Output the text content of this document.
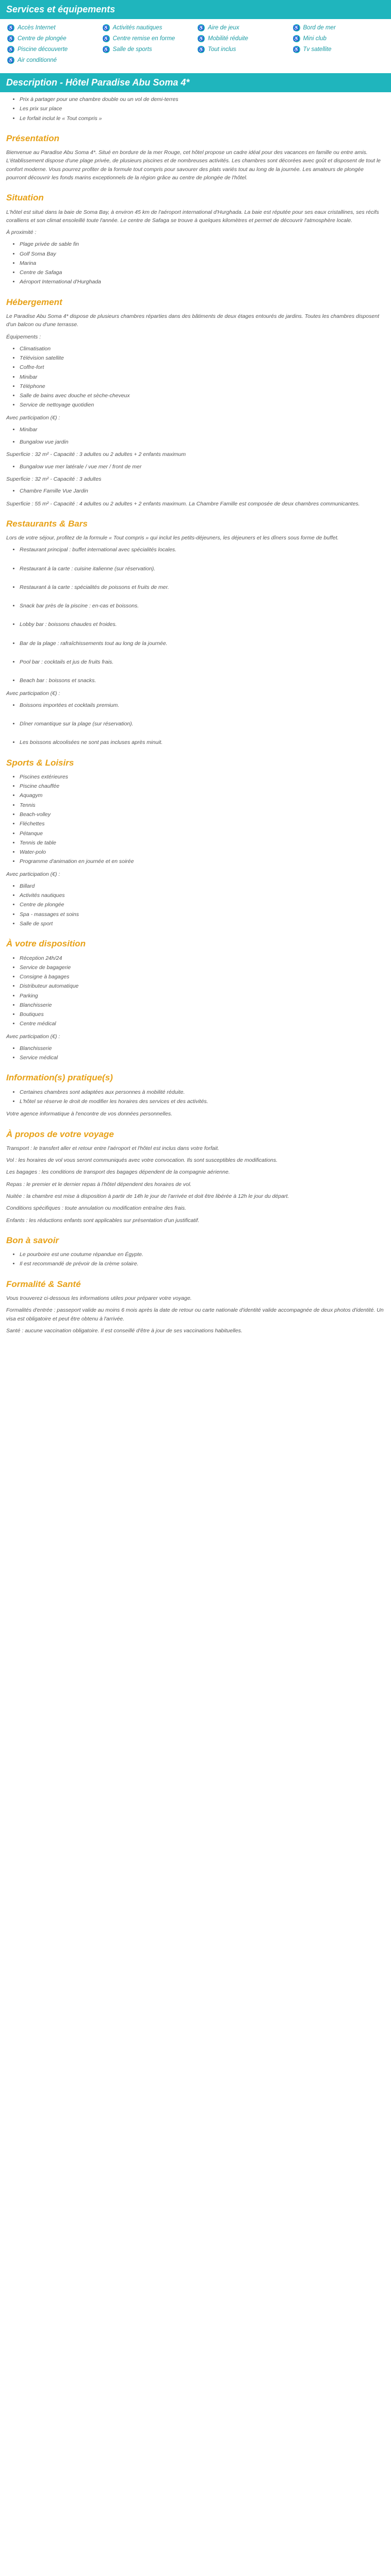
Services et équipements
♿ Accès Internet	♿ Activités nautiques	♿ Aire de jeux	♿ Bord de mer
♿ Centre de plongée	♿ Centre remise en forme	♿ Mobilité réduite	♿ Mini club
♿ Piscine découverte	♿ Salle de sports	♿ Tout inclus	♿ Tv satellite
♿ Air conditionné
Description - Hôtel Paradise Abu Soma 4*
• Prix à partager pour une chambre double ou un vol de demi-terres
• Les prix sur place
• Le forfait inclut le « Tout compris »
Présentation

Bienvenue au Paradise Abu Soma 4*. Situé en bordure de la mer Rouge, cet hôtel propose un cadre idéal pour des vacances en famille ou entre amis. L'établissement dispose d'une plage privée, de plusieurs piscines et de nombreuses activités. Les chambres sont décorées avec goût et disposent de tout le confort moderne. Vous pourrez profiter de la formule tout compris pour savourer des plats variés tout au long de la journée. Les amateurs de plongée pourront découvrir les fonds marins exceptionnels de la région grâce au centre de plongée de l'hôtel.

Situation

L'hôtel est situé dans la baie de Soma Bay, à environ 45 km de l'aéroport international d'Hurghada. La baie est réputée pour ses eaux cristallines, ses récifs coralliens et son climat ensoleillé toute l'année. Le centre de Safaga se trouve à quelques kilomètres et permet de découvrir l'atmosphère locale.

À proximité :

• Plage privée de sable fin
• Golf Soma Bay
• Marina
• Centre de Safaga
• Aéroport International d'Hurghada
Hébergement

Le Paradise Abu Soma 4* dispose de plusieurs chambres réparties dans des bâtiments de deux étages entourés de jardins. Toutes les chambres disposent d'un balcon ou d'une terrasse.

Équipements :

• Climatisation
• Télévision satellite
• Coffre-fort
• Minibar
• Téléphone
• Salle de bains avec douche et sèche-cheveux
• Service de nettoyage quotidien

Avec participation (€) :

• Minibar
• Bungalow vue jardin

Superficie : 32 m² - Capacité : 3 adultes ou 2 adultes + 2 enfants maximum

• Bungalow vue mer latérale / vue mer / front de mer

Superficie : 32 m² - Capacité : 3 adultes

• Chambre Famille Vue Jardin

Superficie : 55 m² - Capacité : 4 adultes ou 2 adultes + 2 enfants maximum. La Chambre Famille est composée de deux chambres communicantes.

Restaurants & Bars

Lors de votre séjour, profitez de la formule « Tout compris » qui inclut les petits-déjeuners, les déjeuners et les dîners sous forme de buffet.

• Restaurant principal : buffet international avec spécialités locales.
• Restaurant à la carte : cuisine italienne (sur réservation).
• Restaurant à la carte : spécialités de poissons et fruits de mer.
• Snack bar près de la piscine : en-cas et boissons.
• Lobby bar : boissons chaudes et froides.
• Bar de la plage : rafraîchissements tout au long de la journée.
• Pool bar : cocktails et jus de fruits frais.
• Beach bar : boissons et snacks.

Avec participation (€) :

• Boissons importées et cocktails premium.
• Dîner romantique sur la plage (sur réservation).
• Les boissons alcoolisées ne sont pas incluses après minuit.
Sports & Loisirs
• Piscines extérieures
• Piscine chauffée
• Aquagym
• Tennis
• Beach-volley
• Fléchettes
• Pétanque
• Tennis de table
• Water-polo
• Programme d'animation en journée et en soirée

Avec participation (€) :

• Billard
• Activités nautiques
• Centre de plongée
• Spa - massages et soins
• Salle de sport
À votre disposition
• Réception 24h/24
• Service de bagagerie
• Consigne à bagages
• Distributeur automatique
• Parking
• Blanchisserie
• Boutiques
• Centre médical

Avec participation (€) :

• Blanchisserie
• Service médical
Information(s) pratique(s)
• Certaines chambres sont adaptées aux personnes à mobilité réduite.
• L'hôtel se réserve le droit de modifier les horaires des services et des activités.

Votre agence informatique à l'encontre de vos données personnelles.

À propos de votre voyage

Transport : le transfert aller et retour entre l'aéroport et l'hôtel est inclus dans votre forfait.

Vol : les horaires de vol vous seront communiqués avec votre convocation. Ils sont susceptibles de modifications.

Les bagages : les conditions de transport des bagages dépendent de la compagnie aérienne.

Repas : le premier et le dernier repas à l'hôtel dépendent des horaires de vol.

Nuitée : la chambre est mise à disposition à partir de 14h le jour de l'arrivée et doit être libérée à 12h le jour du départ.

Conditions spécifiques : toute annulation ou modification entraîne des frais.

Enfants : les réductions enfants sont applicables sur présentation d'un justificatif.

Bon à savoir
• Le pourboire est une coutume répandue en Égypte.
• Il est recommandé de prévoir de la crème solaire.
Formalité & Santé

Vous trouverez ci-dessous les informations utiles pour préparer votre voyage.

Formalités d'entrée : passeport valide au moins 6 mois après la date de retour ou carte nationale d'identité valide accompagnée de deux photos d'identité. Un visa est obligatoire et peut être obtenu à l'arrivée.

Santé : aucune vaccination obligatoire. Il est conseillé d'être à jour de ses vaccinations habituelles.
